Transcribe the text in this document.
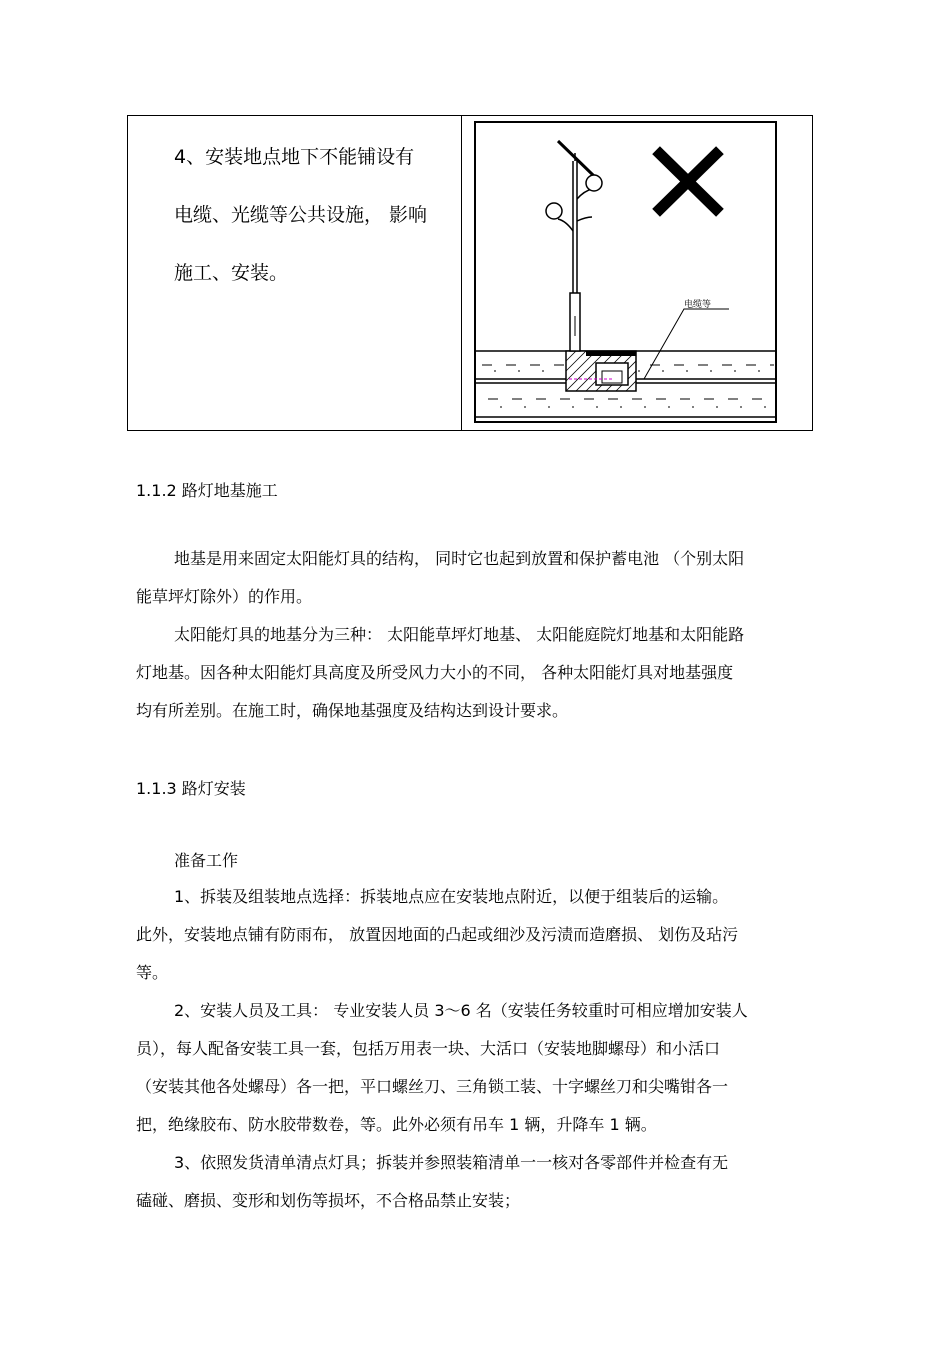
4、安装地点地下不能铺设有
电缆、光缆等公共设施， 影响
施工、安装。
电缆等
1.1.2 路灯地基施工
地基是用来固定太阳能灯具的结构， 同时它也起到放置和保护蓄电池 （个别太阳
能草坪灯除外）的作用。
太阳能灯具的地基分为三种： 太阳能草坪灯地基、 太阳能庭院灯地基和太阳能路
灯地基。因各种太阳能灯具高度及所受风力大小的不同， 各种太阳能灯具对地基强度
均有所差别。在施工时，确保地基强度及结构达到设计要求。
1.1.3 路灯安装
准备工作
1、拆装及组装地点选择：拆装地点应在安装地点附近，以便于组装后的运输。
此外，安装地点铺有防雨布， 放置因地面的凸起或细沙及污渍而造磨损、 划伤及玷污
等。
2、安装人员及工具： 专业安装人员 3～6 名（安装任务较重时可相应增加安装人
员），每人配备安装工具一套，包括万用表一块、大活口（安装地脚螺母）和小活口
（安装其他各处螺母）各一把，平口螺丝刀、三角锁工装、十字螺丝刀和尖嘴钳各一
把，绝缘胶布、防水胶带数卷，等。此外必须有吊车 1 辆，升降车 1 辆。
3、依照发货清单清点灯具；拆装并参照装箱清单一一核对各零部件并检查有无
磕碰、磨损、变形和划伤等损坏，不合格品禁止安装；
